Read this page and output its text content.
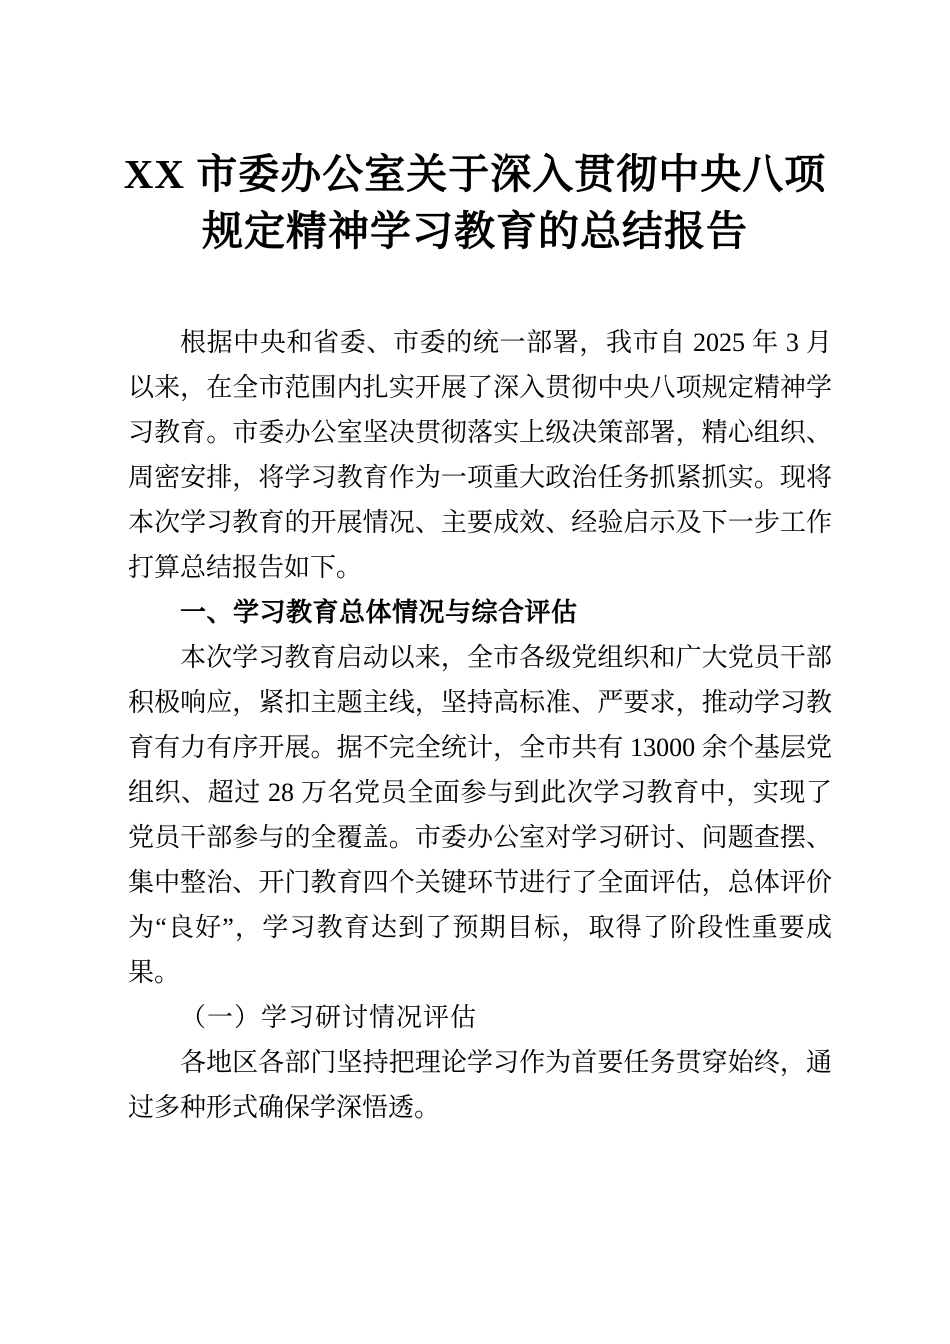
XX 市委办公室关于深入贯彻中央八项规定精神学习教育的总结报告

根据中央和省委、市委的统一部署，我市自 2025 年 3 月以来，在全市范围内扎实开展了深入贯彻中央八项规定精神学习教育。市委办公室坚决贯彻落实上级决策部署，精心组织、周密安排，将学习教育作为一项重大政治任务抓紧抓实。现将本次学习教育的开展情况、主要成效、经验启示及下一步工作打算总结报告如下。

一、学习教育总体情况与综合评估

本次学习教育启动以来，全市各级党组织和广大党员干部积极响应，紧扣主题主线，坚持高标准、严要求，推动学习教育有力有序开展。据不完全统计，全市共有 13000 余个基层党组织、超过 28 万名党员全面参与到此次学习教育中，实现了党员干部参与的全覆盖。市委办公室对学习研讨、问题查摆、集中整治、开门教育四个关键环节进行了全面评估，总体评价为“良好”，学习教育达到了预期目标，取得了阶段性重要成果。

（一）学习研讨情况评估

各地区各部门坚持把理论学习作为首要任务贯穿始终，通过多种形式确保学深悟透。
